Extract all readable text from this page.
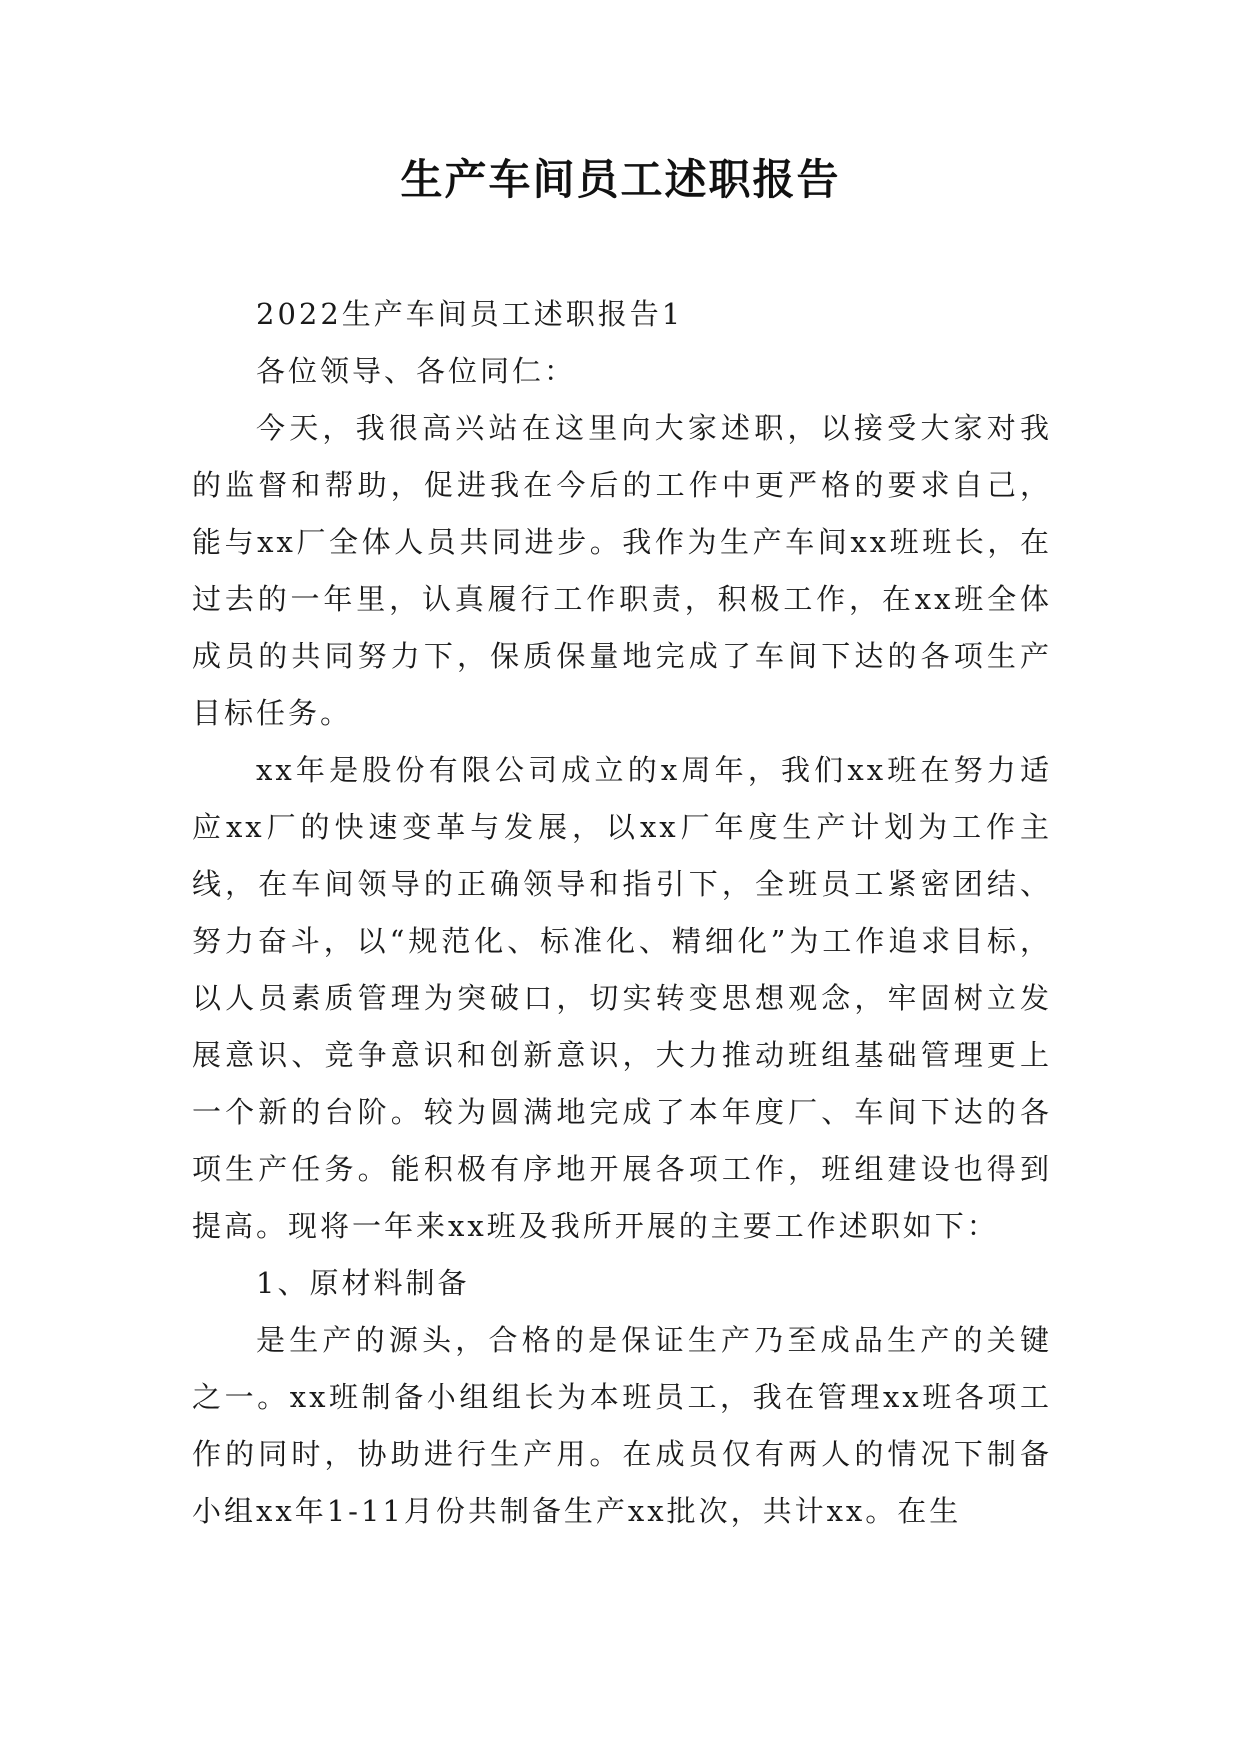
生产车间员工述职报告

2022生产车间员工述职报告1

各位领导、各位同仁：

今天，我很高兴站在这里向大家述职，以接受大家对我的监督和帮助，促进我在今后的工作中更严格的要求自己，能与xx厂全体人员共同进步。我作为生产车间xx班班长，在过去的一年里，认真履行工作职责，积极工作，在xx班全体成员的共同努力下，保质保量地完成了车间下达的各项生产目标任务。

xx年是股份有限公司成立的x周年，我们xx班在努力适应xx厂的快速变革与发展，以xx厂年度生产计划为工作主线，在车间领导的正确领导和指引下，全班员工紧密团结、努力奋斗，以“规范化、标准化、精细化”为工作追求目标，以人员素质管理为突破口，切实转变思想观念，牢固树立发展意识、竞争意识和创新意识，大力推动班组基础管理更上一个新的台阶。较为圆满地完成了本年度厂、车间下达的各项生产任务。能积极有序地开展各项工作，班组建设也得到提高。现将一年来xx班及我所开展的主要工作述职如下：

1、原材料制备

是生产的源头，合格的是保证生产乃至成品生产的关键之一。xx班制备小组组长为本班员工，我在管理xx班各项工作的同时，协助进行生产用。在成员仅有两人的情况下制备小组xx年1-11月份共制备生产xx批次，共计xx。在生
